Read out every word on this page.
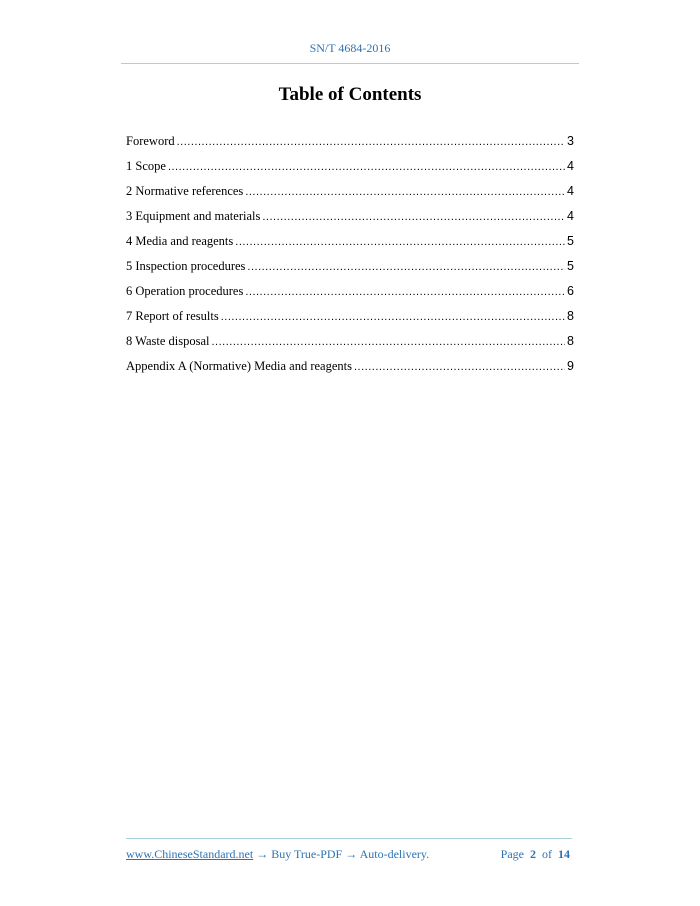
SN/T 4684-2016
Table of Contents
Foreword .....	3
1 Scope .....	4
2 Normative references .....	4
3 Equipment and materials .....	4
4 Media and reagents .....	5
5 Inspection procedures .....	5
6 Operation procedures .....	6
7 Report of results .....	8
8 Waste disposal .....	8
Appendix A (Normative) Media and reagents .....	9
www.ChineseStandard.net → Buy True-PDF → Auto-delivery.	Page 2 of 14
